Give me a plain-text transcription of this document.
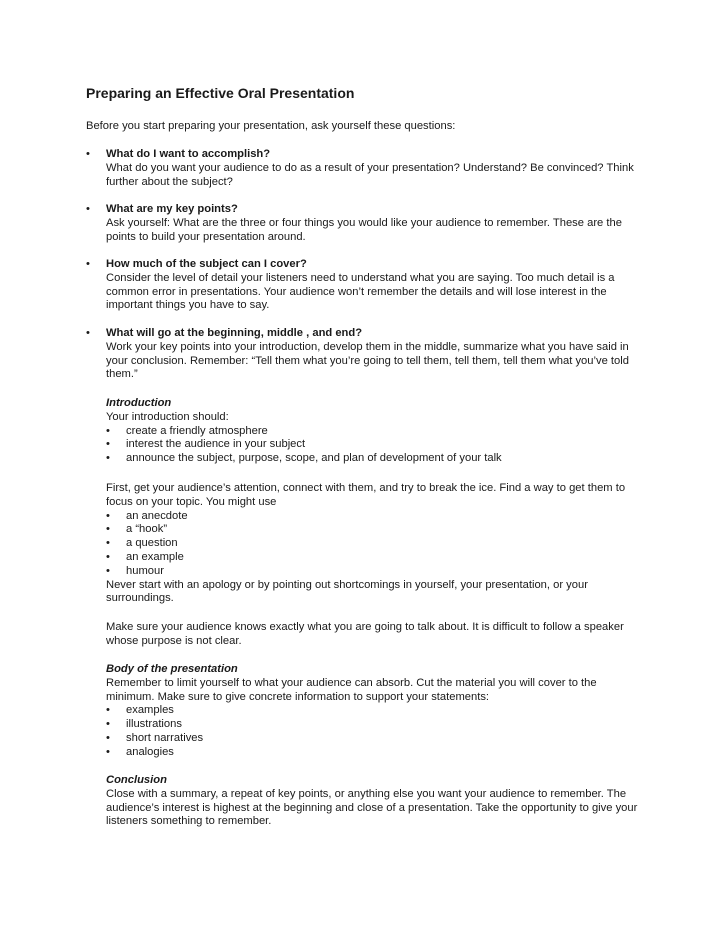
Preparing an Effective Oral Presentation

Before you start preparing your presentation, ask yourself these questions:

• What do I want to accomplish?
What do you want your audience to do as a result of your presentation? Understand? Be convinced? Think further about the subject?
• What are my key points?
Ask yourself: What are the three or four things you would like your audience to remember. These are the points to build your presentation around.
• How much of the subject can I cover?
Consider the level of detail your listeners need to understand what you are saying. Too much detail is a common error in presentations. Your audience won’t remember the details and will lose interest in the important things you have to say.
• What will go at the beginning, middle , and end?
Work your key points into your introduction, develop them in the middle, summarize what you have said in your conclusion. Remember: “Tell them what you’re going to tell them, tell them, tell them what you’ve told them.”
Introduction
Your introduction should:
• create a friendly atmosphere
• interest the audience in your subject
• announce the subject, purpose, scope, and plan of development of your talk

First, get your audience’s attention, connect with them, and try to break the ice. Find a way to get them to focus on your topic. You might use

• an anecdote
• a “hook”
• a question
• an example
• humour

Never start with an apology or by pointing out shortcomings in yourself, your presentation, or your surroundings.

Make sure your audience knows exactly what you are going to talk about. It is difficult to follow a speaker whose purpose is not clear.

Body of the presentation

Remember to limit yourself to what your audience can absorb. Cut the material you will cover to the minimum. Make sure to give concrete information to support your statements:

• examples
• illustrations
• short narratives
• analogies
Conclusion

Close with a summary, a repeat of key points, or anything else you want your audience to remember. The audience’s interest is highest at the beginning and close of a presentation. Take the opportunity to give your listeners something to remember.
